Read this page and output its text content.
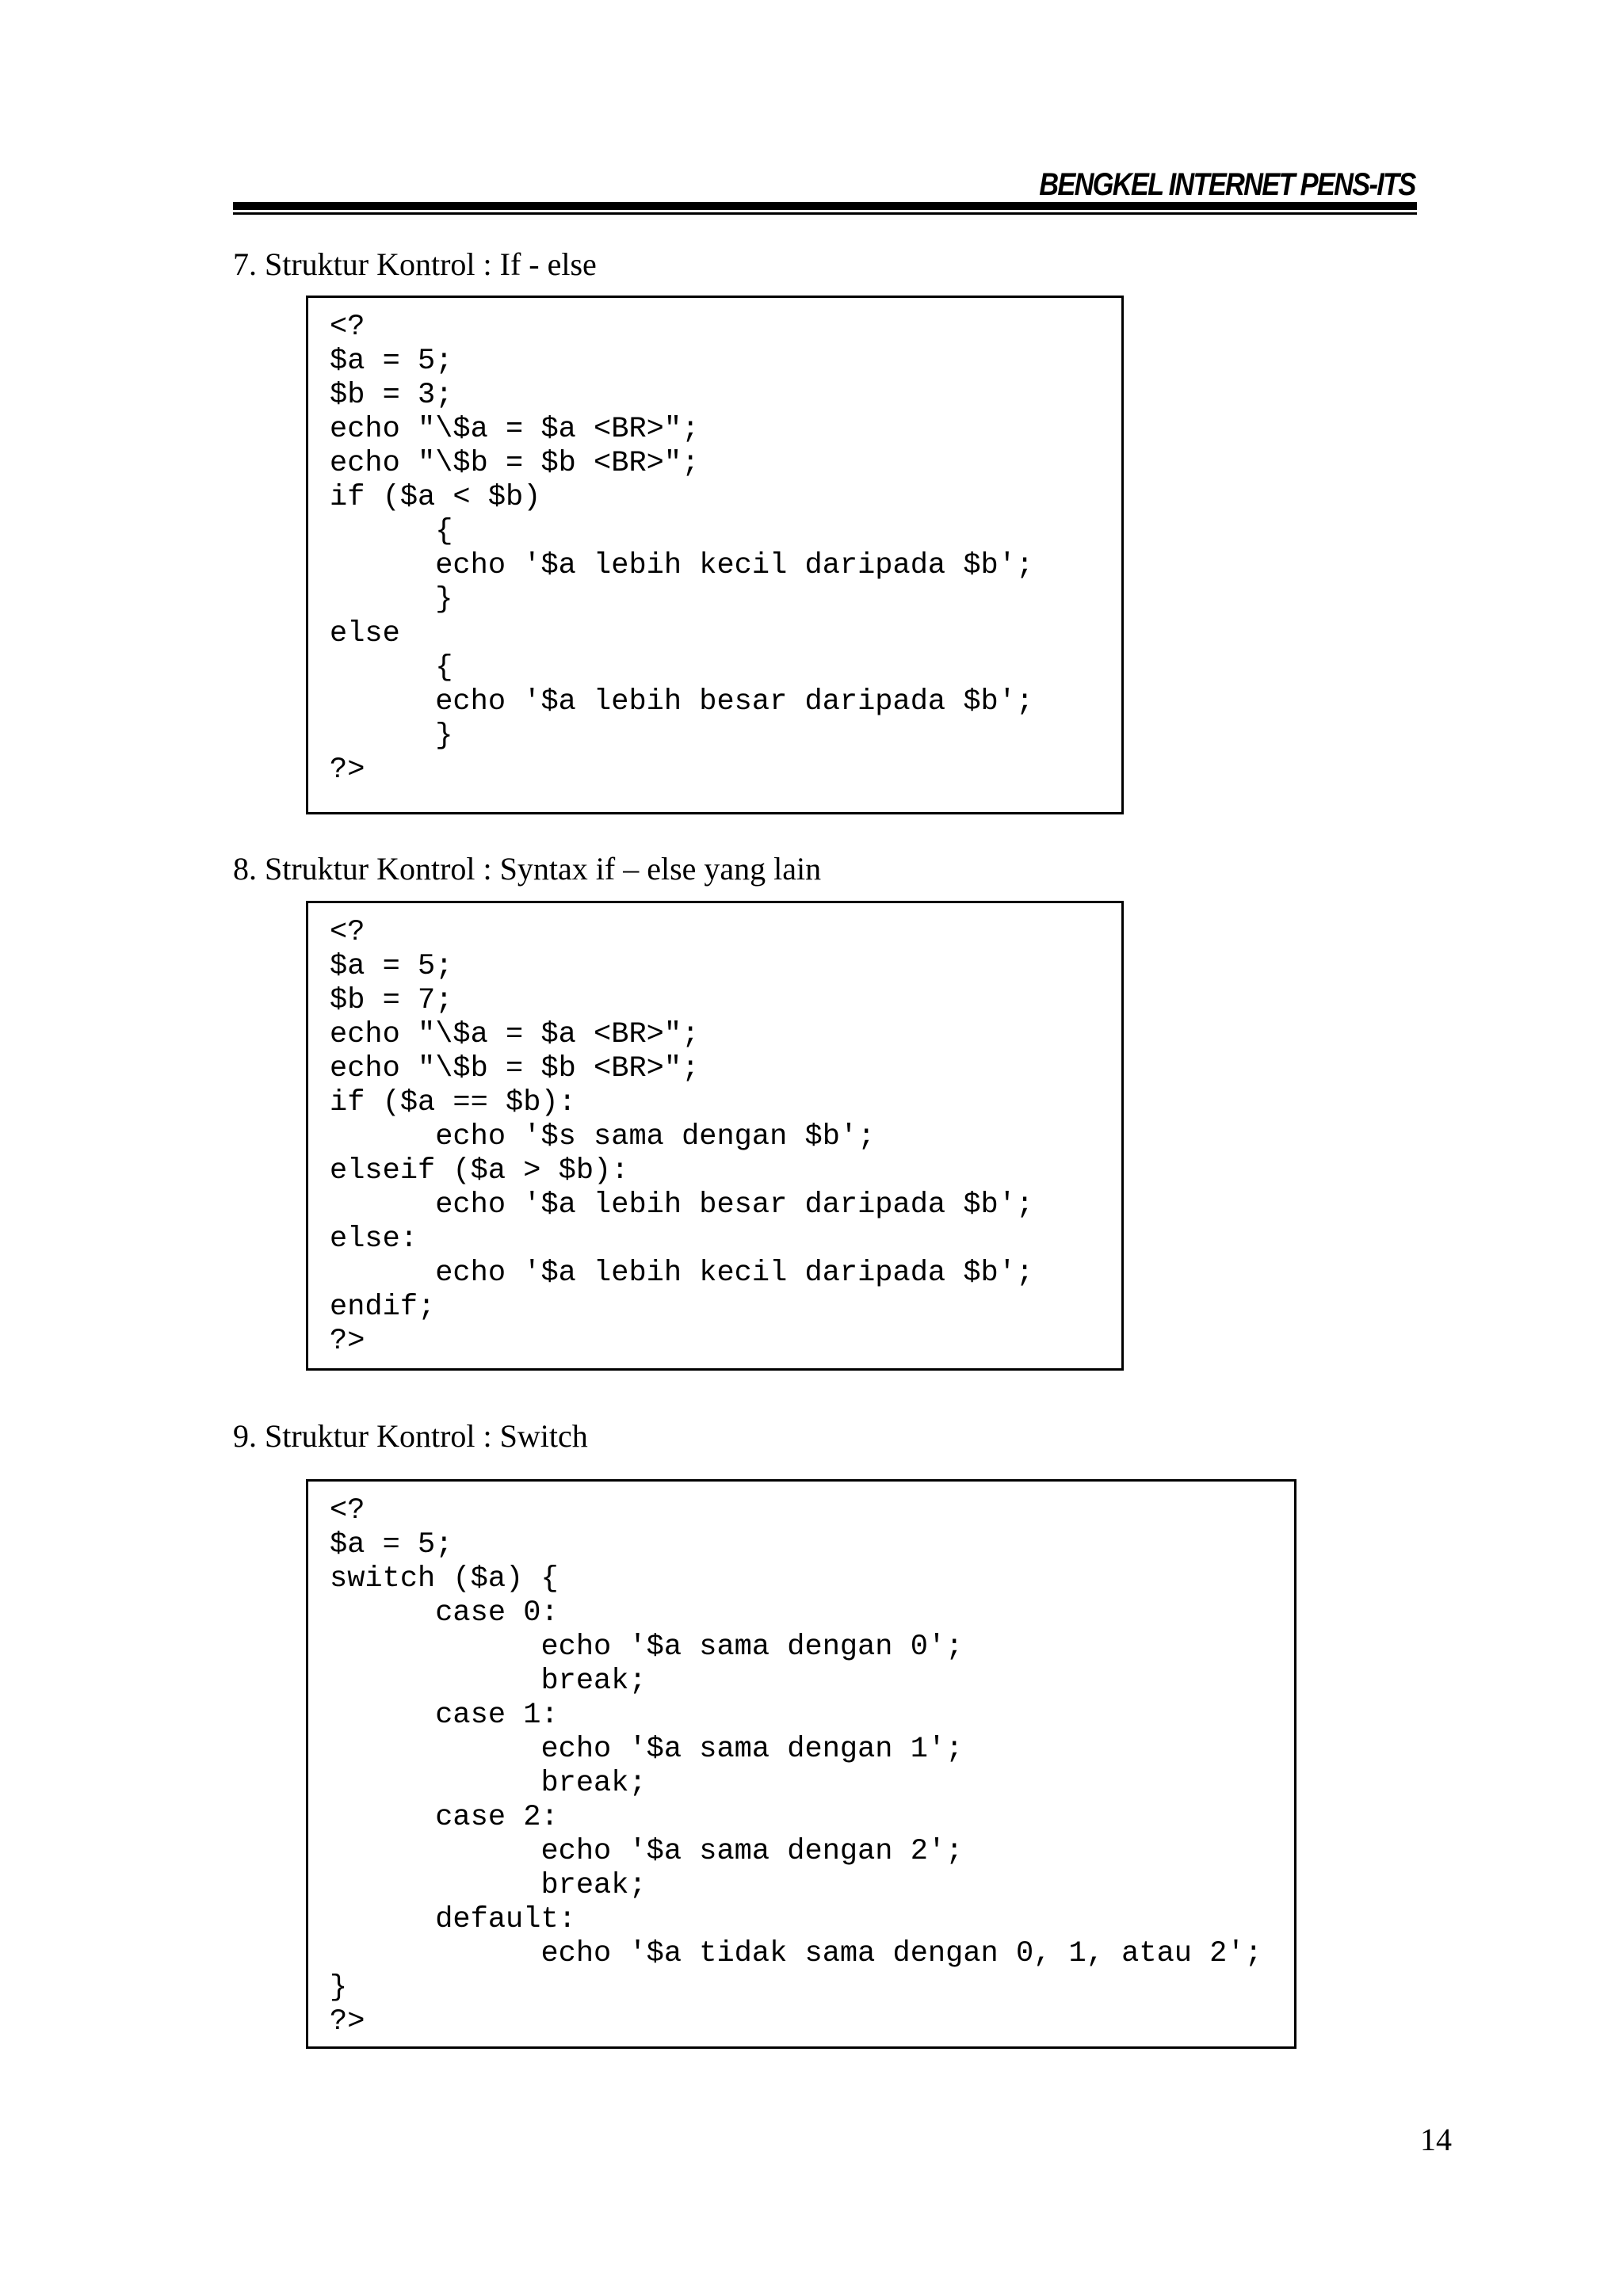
BENGKEL INTERNET PENS-ITS
7. Struktur Kontrol : If - else
<?
$a = 5;
$b = 3;
echo "\$a = $a <BR>";
echo "\$b = $b <BR>";
if ($a < $b)
{
echo '$a lebih kecil daripada $b';
}
else
{
echo '$a lebih besar daripada $b';
}
?>
8. Struktur Kontrol : Syntax if – else yang lain
<?
$a = 5;
$b = 7;
echo "\$a = $a <BR>";
echo "\$b = $b <BR>";
if ($a == $b):
echo '$s sama dengan $b';
elseif ($a > $b):
echo '$a lebih besar daripada $b';
else:
echo '$a lebih kecil daripada $b';
endif;
?>
9. Struktur Kontrol : Switch
<?
$a = 5;
switch ($a) {
case 0:
echo '$a sama dengan 0';
break;
case 1:
echo '$a sama dengan 1';
break;
case 2:
echo '$a sama dengan 2';
break;
default:
echo '$a tidak sama dengan 0, 1, atau 2';
}
?>
14
